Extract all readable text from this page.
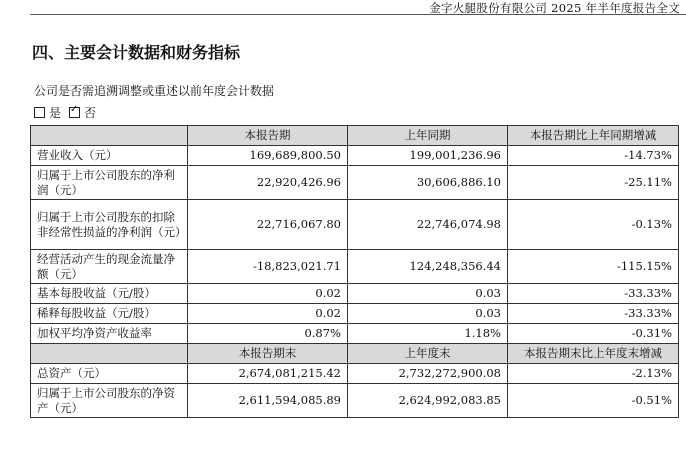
金字火腿股份有限公司 2025 年半年度报告全文
四、主要会计数据和财务指标
公司是否需追溯调整或重述以前年度会计数据
是 ✓ 否
	本报告期	上年同期	本报告期比上年同期增减
营业收入（元）	169,689,800.50	199,001,236.96	-14.73%
归属于上市公司股东的净利润（元）	22,920,426.96	30,606,886.10	-25.11%
归属于上市公司股东的扣除非经常性损益的净利润（元）	22,716,067.80	22,746,074.98	-0.13%
经营活动产生的现金流量净额（元）	-18,823,021.71	124,248,356.44	-115.15%
基本每股收益（元/股）	0.02	0.03	-33.33%
稀释每股收益（元/股）	0.02	0.03	-33.33%
加权平均净资产收益率	0.87%	1.18%	-0.31%
	本报告期末	上年度末	本报告期末比上年度末增减
总资产（元）	2,674,081,215.42	2,732,272,900.08	-2.13%
归属于上市公司股东的净资产（元）	2,611,594,085.89	2,624,992,083.85	-0.51%
